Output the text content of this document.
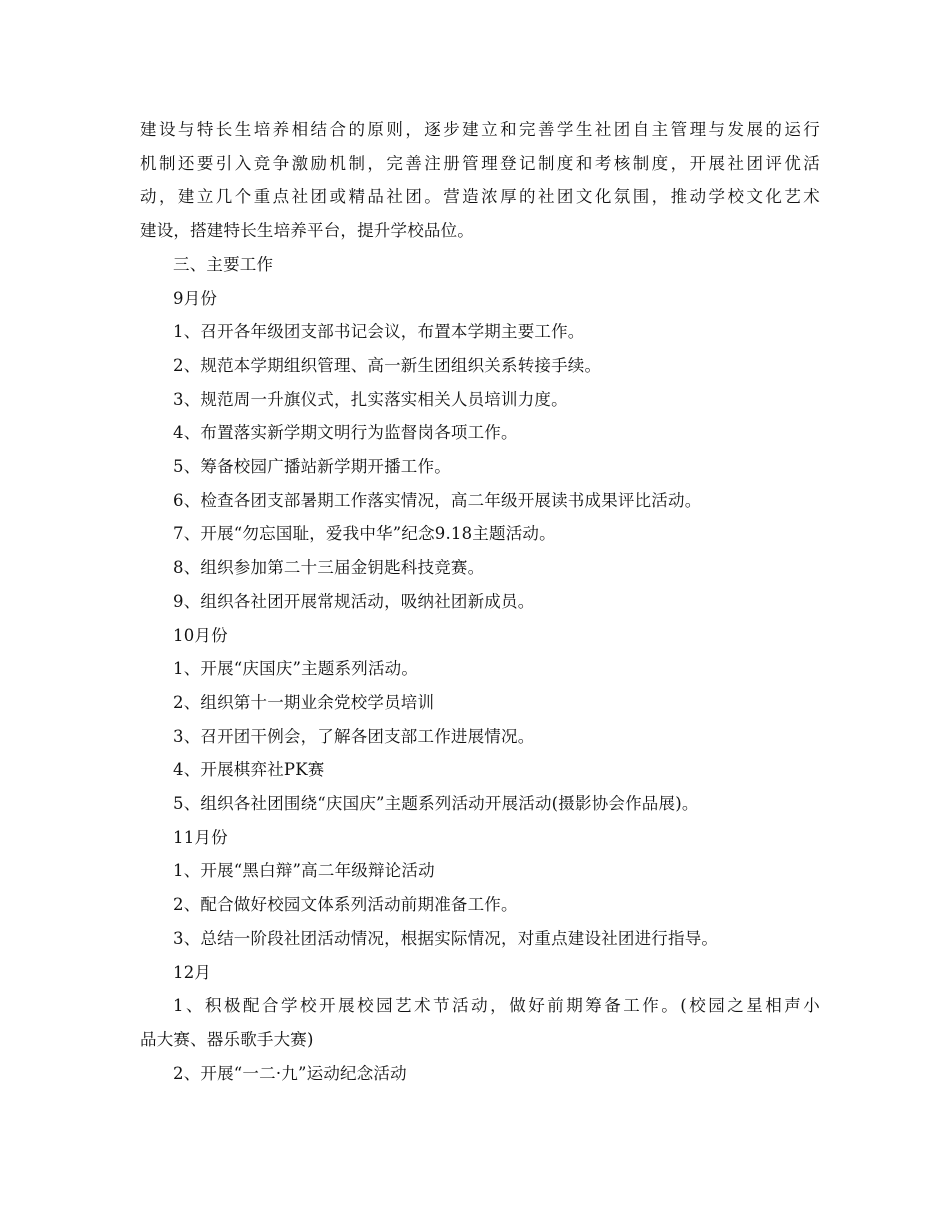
建设与特长生培养相结合的原则，逐步建立和完善学生社团自主管理与发展的运行

机制还要引入竞争激励机制，完善注册管理登记制度和考核制度，开展社团评优活

动，建立几个重点社团或精品社团。营造浓厚的社团文化氛围，推动学校文化艺术

建设，搭建特长生培养平台，提升学校品位。

三、主要工作

9月份

1、召开各年级团支部书记会议，布置本学期主要工作。

2、规范本学期组织管理、高一新生团组织关系转接手续。

3、规范周一升旗仪式，扎实落实相关人员培训力度。

4、布置落实新学期文明行为监督岗各项工作。

5、筹备校园广播站新学期开播工作。

6、检查各团支部暑期工作落实情况，高二年级开展读书成果评比活动。

7、开展“勿忘国耻，爱我中华”纪念9.18主题活动。

8、组织参加第二十三届金钥匙科技竞赛。

9、组织各社团开展常规活动，吸纳社团新成员。

10月份

1、开展“庆国庆”主题系列活动。

2、组织第十一期业余党校学员培训

3、召开团干例会，了解各团支部工作进展情况。

4、开展棋弈社PK赛

5、组织各社团围绕“庆国庆”主题系列活动开展活动(摄影协会作品展)。

11月份

1、开展“黑白辩”高二年级辩论活动

2、配合做好校园文体系列活动前期准备工作。

3、总结一阶段社团活动情况，根据实际情况，对重点建设社团进行指导。

12月

1、积极配合学校开展校园艺术节活动，做好前期筹备工作。(校园之星相声小

品大赛、器乐歌手大赛)

2、开展“一二·九”运动纪念活动
